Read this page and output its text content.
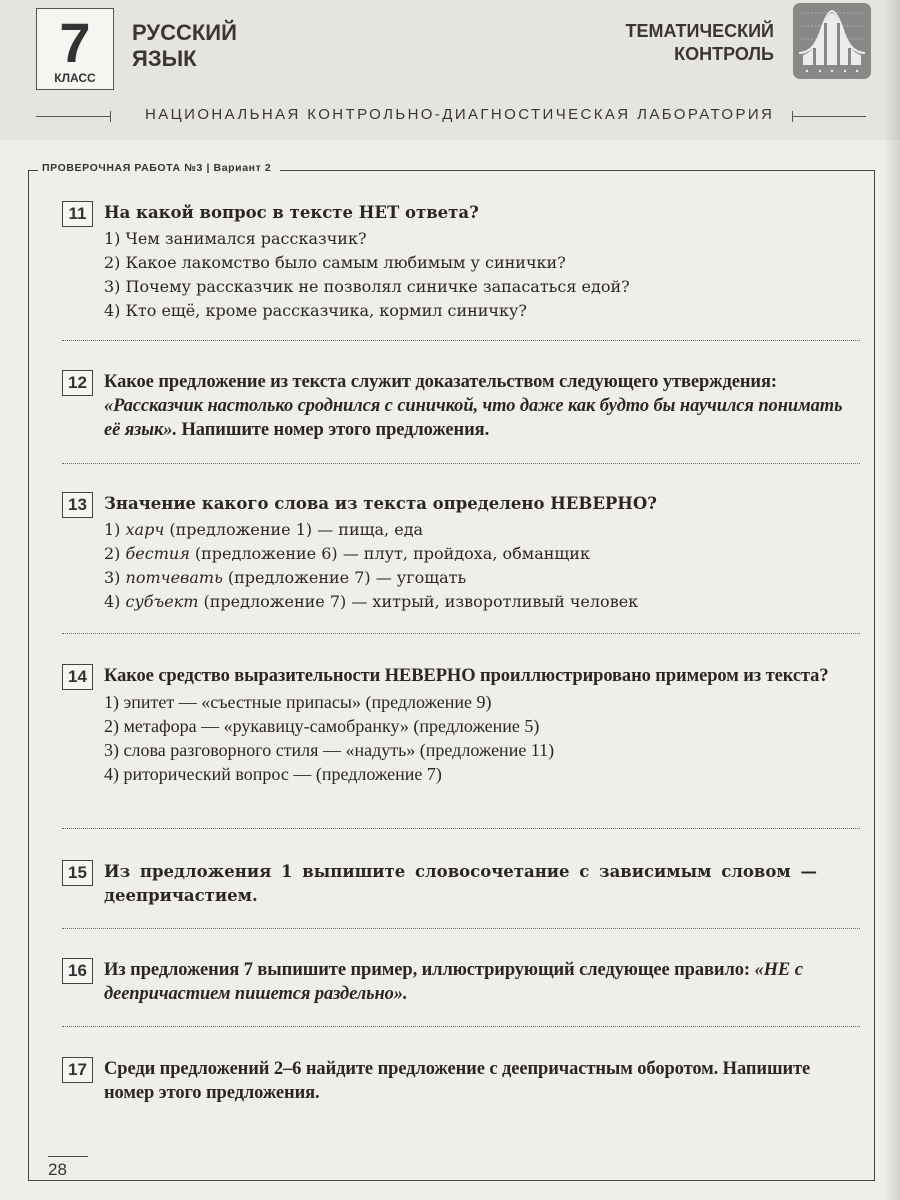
7
КЛАСС
РУССКИЙ
ЯЗЫК
ТЕМАТИЧЕСКИЙ
КОНТРОЛЬ
НАЦИОНАЛЬНАЯ КОНТРОЛЬНО-ДИАГНОСТИЧЕСКАЯ ЛАБОРАТОРИЯ
ПРОВЕРОЧНАЯ РАБОТА №3 | Вариант 2
11	На какой вопрос в тексте НЕТ ответа?
1) Чем занимался рассказчик?
2) Какое лакомство было самым любимым у синички?
3) Почему рассказчик не позволял синичке запасаться едой?
4) Кто ещё, кроме рассказчика, кормил синичку?
12 Какое предложение из текста служит доказательством следующего утверждения: «Рассказчик настолько сроднился с синичкой, что даже как будто бы научился понимать её язык». Напишите номер этого предложения.
13	Значение какого слова из текста определено НЕВЕРНО?
1) харч (предложение 1) — пища, еда
2) бестия (предложение 6) — плут, пройдоха, обманщик
3) потчевать (предложение 7) — угощать
4) субъект (предложение 7) — хитрый, изворотливый человек
14 Какое средство выразительности НЕВЕРНО проиллюстрировано примером из текста?
1) эпитет — «съестные припасы» (предложение 9)
2) метафора — «рукавицу-самобранку» (предложение 5)
3) слова разговорного стиля — «надуть» (предложение 11)
4) риторический вопрос — (предложение 7)
15	Из предложения 1 выпишите словосочетание с зависимым словом — деепричастием.
16 Из предложения 7 выпишите пример, иллюстрирующий следующее правило: «НЕ с деепричастием пишется раздельно».
17 Среди предложений 2–6 найдите предложение с деепричастным оборотом. Напишите номер этого предложения.
28
